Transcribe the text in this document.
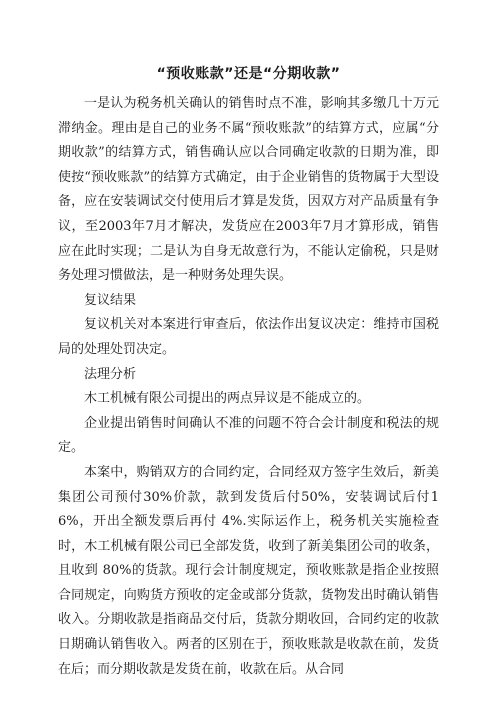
“预收账款”还是“分期收款”

一是认为税务机关确认的销售时点不准，影响其多缴几十万元滞纳金。理由是自己的业务不属“预收账款”的结算方式，应属“分期收款”的结算方式，销售确认应以合同确定收款的日期为准，即使按“预收账款”的结算方式确定，由于企业销售的货物属于大型设备，应在安装调试交付使用后才算是发货，因双方对产品质量有争议，至2003年7月才解决，发货应在2003年7月才算形成，销售应在此时实现；二是认为自身无故意行为，不能认定偷税，只是财务处理习惯做法，是一种财务处理失误。

复议结果

复议机关对本案进行审查后，依法作出复议决定：维持市国税局的处理处罚决定。

法理分析

木工机械有限公司提出的两点异议是不能成立的。

企业提出销售时间确认不准的问题不符合会计制度和税法的规定。

本案中，购销双方的合同约定，合同经双方签字生效后，新美集团公司预付30%价款，款到发货后付50%，安装调试后付16%，开出全额发票后再付 4%.实际运作上，税务机关实施检查时，木工机械有限公司已全部发货，收到了新美集团公司的收条，且收到 80%的货款。现行会计制度规定，预收账款是指企业按照合同规定，向购货方预收的定金或部分货款，货物发出时确认销售收入。分期收款是指商品交付后，货款分期收回，合同约定的收款日期确认销售收入。两者的区别在于，预收账款是收款在前，发货在后；而分期收款是发货在前，收款在后。从合同
